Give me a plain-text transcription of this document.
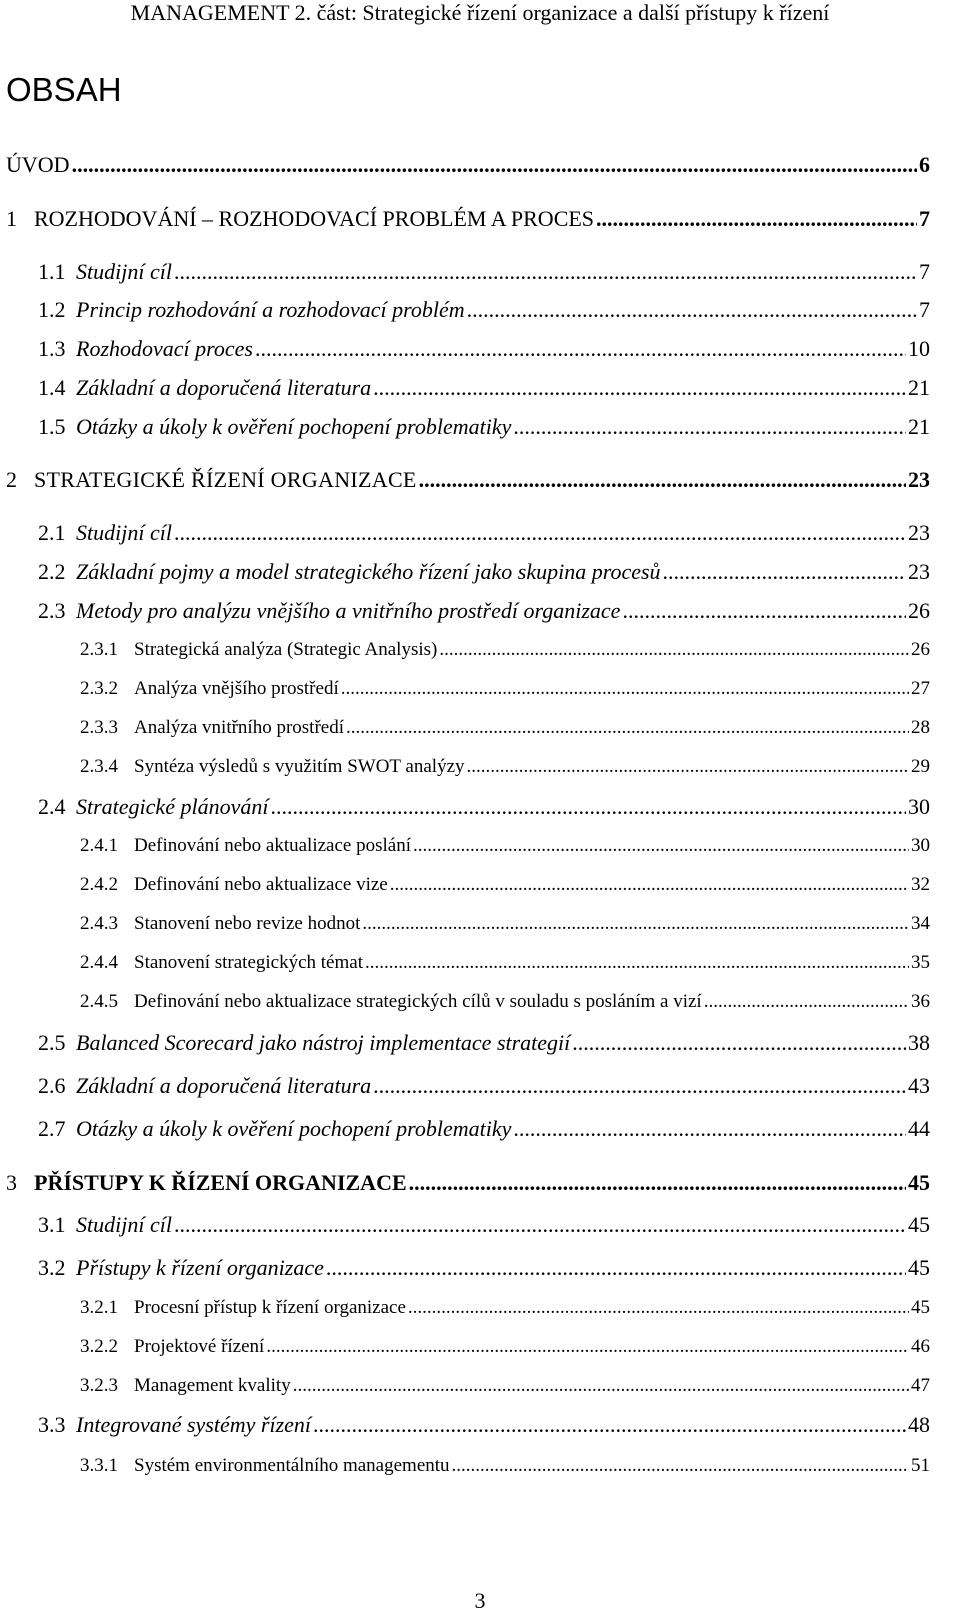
MANAGEMENT 2. část: Strategické řízení organizace a další přístupy k řízení
OBSAH
ÚVOD .....	6
1 ROZHODOVÁNÍ – ROZHODOVACÍ PROBLÉM A PROCES .....	7
1.1 Studijní cíl .....	7
1.2 Princip rozhodování a rozhodovací problém .....	7
1.3 Rozhodovací proces .....	10
1.4 Základní a doporučená literatura .....	21
1.5 Otázky a úkoly k ověření pochopení problematiky .....	21
2 STRATEGICKÉ ŘÍZENÍ ORGANIZACE .....	23
2.1 Studijní cíl .....	23
2.2 Základní pojmy a model strategického řízení jako skupina procesů .....	23
2.3 Metody pro analýzu vnějšího a vnitřního prostředí organizace .....	26
2.3.1 Strategická analýza (Strategic Analysis) .....	26
2.3.2 Analýza vnějšího prostředí .....	27
2.3.3 Analýza vnitřního prostředí .....	28
2.3.4 Syntéza výsledů s využitím SWOT analýzy .....	29
2.4 Strategické plánování .....	30
2.4.1 Definování nebo aktualizace poslání .....	30
2.4.2 Definování nebo aktualizace vize .....	32
2.4.3 Stanovení nebo revize hodnot .....	34
2.4.4 Stanovení strategických témat .....	35
2.4.5 Definování nebo aktualizace strategických cílů v souladu s posláním a vizí .....	36
2.5 Balanced Scorecard jako nástroj implementace strategií .....	38
2.6 Základní a doporučená literatura .....	43
2.7 Otázky a úkoly k ověření pochopení problematiky .....	44
3 PŘÍSTUPY K ŘÍZENÍ ORGANIZACE .....	45
3.1 Studijní cíl .....	45
3.2 Přístupy k řízení organizace .....	45
3.2.1 Procesní přístup k řízení organizace .....	45
3.2.2 Projektové řízení .....	46
3.2.3 Management kvality .....	47
3.3 Integrované systémy řízení .....	48
3.3.1 Systém environmentálního managementu .....	51
3
